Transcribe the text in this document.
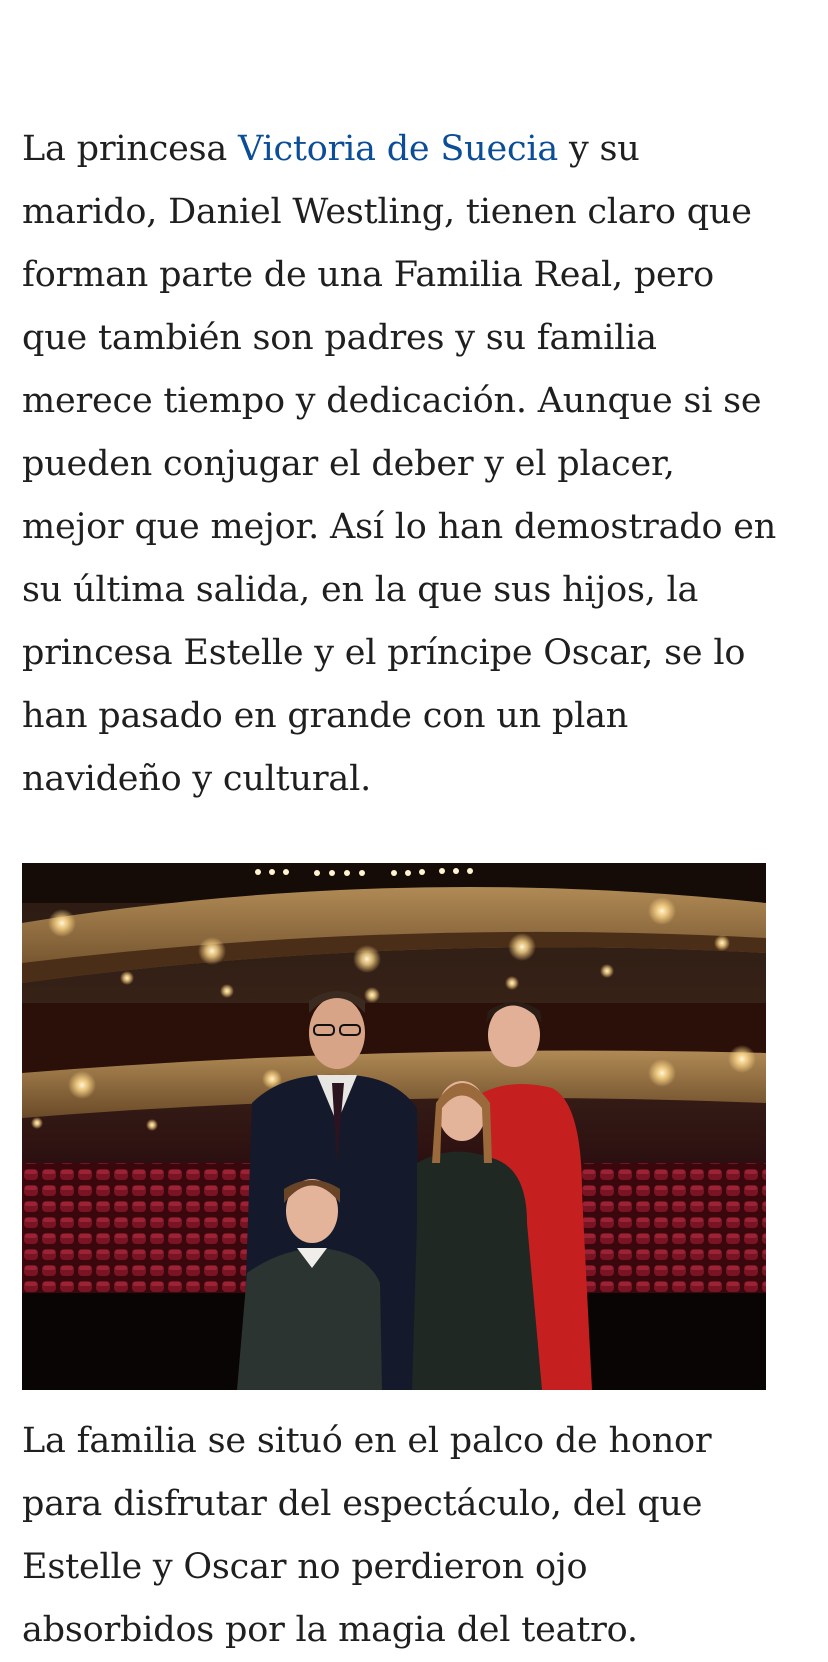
La princesa Victoria de Suecia y su marido, Daniel Westling, tienen claro que forman parte de una Familia Real, pero que también son padres y su familia merece tiempo y dedicación. Aunque si se pueden conjugar el deber y el placer, mejor que mejor. Así lo han demostrado en su última salida, en la que sus hijos, la princesa Estelle y el príncipe Oscar, se lo han pasado en grande con un plan navideño y cultural.

La familia se situó en el palco de honor para disfrutar del espectáculo, del que Estelle y Oscar no perdieron ojo absorbidos por la magia del teatro.
